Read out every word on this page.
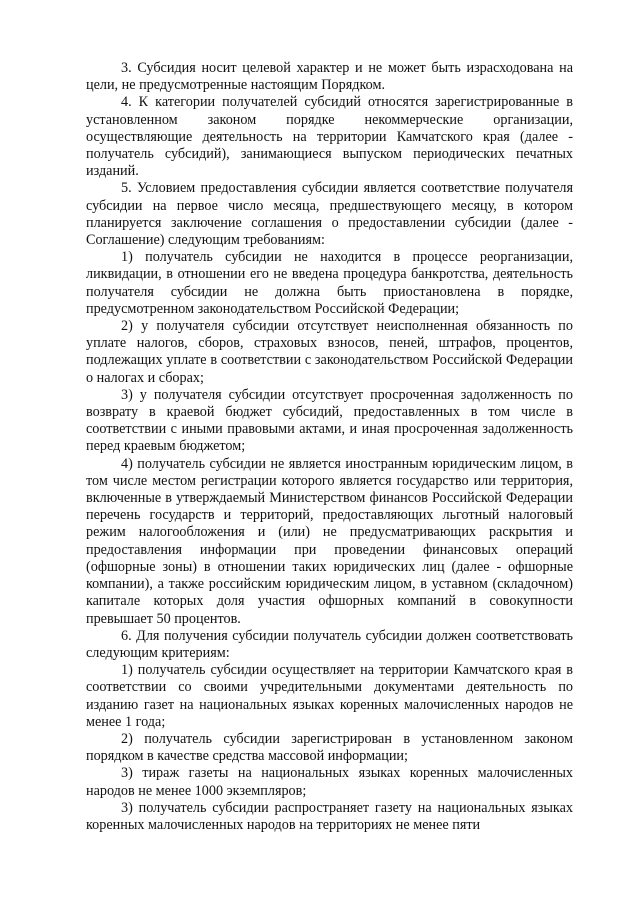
3. Субсидия носит целевой характер и не может быть израсходована на цели, не предусмотренные настоящим Порядком.

4. К категории получателей субсидий относятся зарегистрированные в установленном законом порядке некоммерческие организации, осуществляющие деятельность на территории Камчатского края (далее - получатель субсидий), занимающиеся выпуском периодических печатных изданий.

5. Условием предоставления субсидии является соответствие получателя субсидии на первое число месяца, предшествующего месяцу, в котором планируется заключение соглашения о предоставлении субсидии (далее - Соглашение) следующим требованиям:

1) получатель субсидии не находится в процессе реорганизации, ликвидации, в отношении его не введена процедура банкротства, деятельность получателя субсидии не должна быть приостановлена в порядке, предусмотренном законодательством Российской Федерации;

2) у получателя субсидии отсутствует неисполненная обязанность по уплате налогов, сборов, страховых взносов, пеней, штрафов, процентов, подлежащих уплате в соответствии с законодательством Российской Федерации о налогах и сборах;

3) у получателя субсидии отсутствует просроченная задолженность по возврату в краевой бюджет субсидий, предоставленных в том числе в соответствии с иными правовыми актами, и иная просроченная задолженность перед краевым бюджетом;

4) получатель субсидии не является иностранным юридическим лицом, в том числе местом регистрации которого является государство или территория, включенные в утверждаемый Министерством финансов Российской Федерации перечень государств и территорий, предоставляющих льготный налоговый режим налогообложения и (или) не предусматривающих раскрытия и предоставления информации при проведении финансовых операций (офшорные зоны) в отношении таких юридических лиц (далее - офшорные компании), а также российским юридическим лицом, в уставном (складочном) капитале которых доля участия офшорных компаний в совокупности превышает 50 процентов.

6. Для получения субсидии получатель субсидии должен соответствовать следующим критериям:

1) получатель субсидии осуществляет на территории Камчатского края в соответствии со своими учредительными документами деятельность по изданию газет на национальных языках коренных малочисленных народов не менее 1 года;

2) получатель субсидии зарегистрирован в установленном законом порядком в качестве средства массовой информации;

3) тираж газеты на национальных языках коренных малочисленных народов не менее 1000 экземпляров;

3) получатель субсидии распространяет газету на национальных языках коренных малочисленных народов на территориях не менее пяти
